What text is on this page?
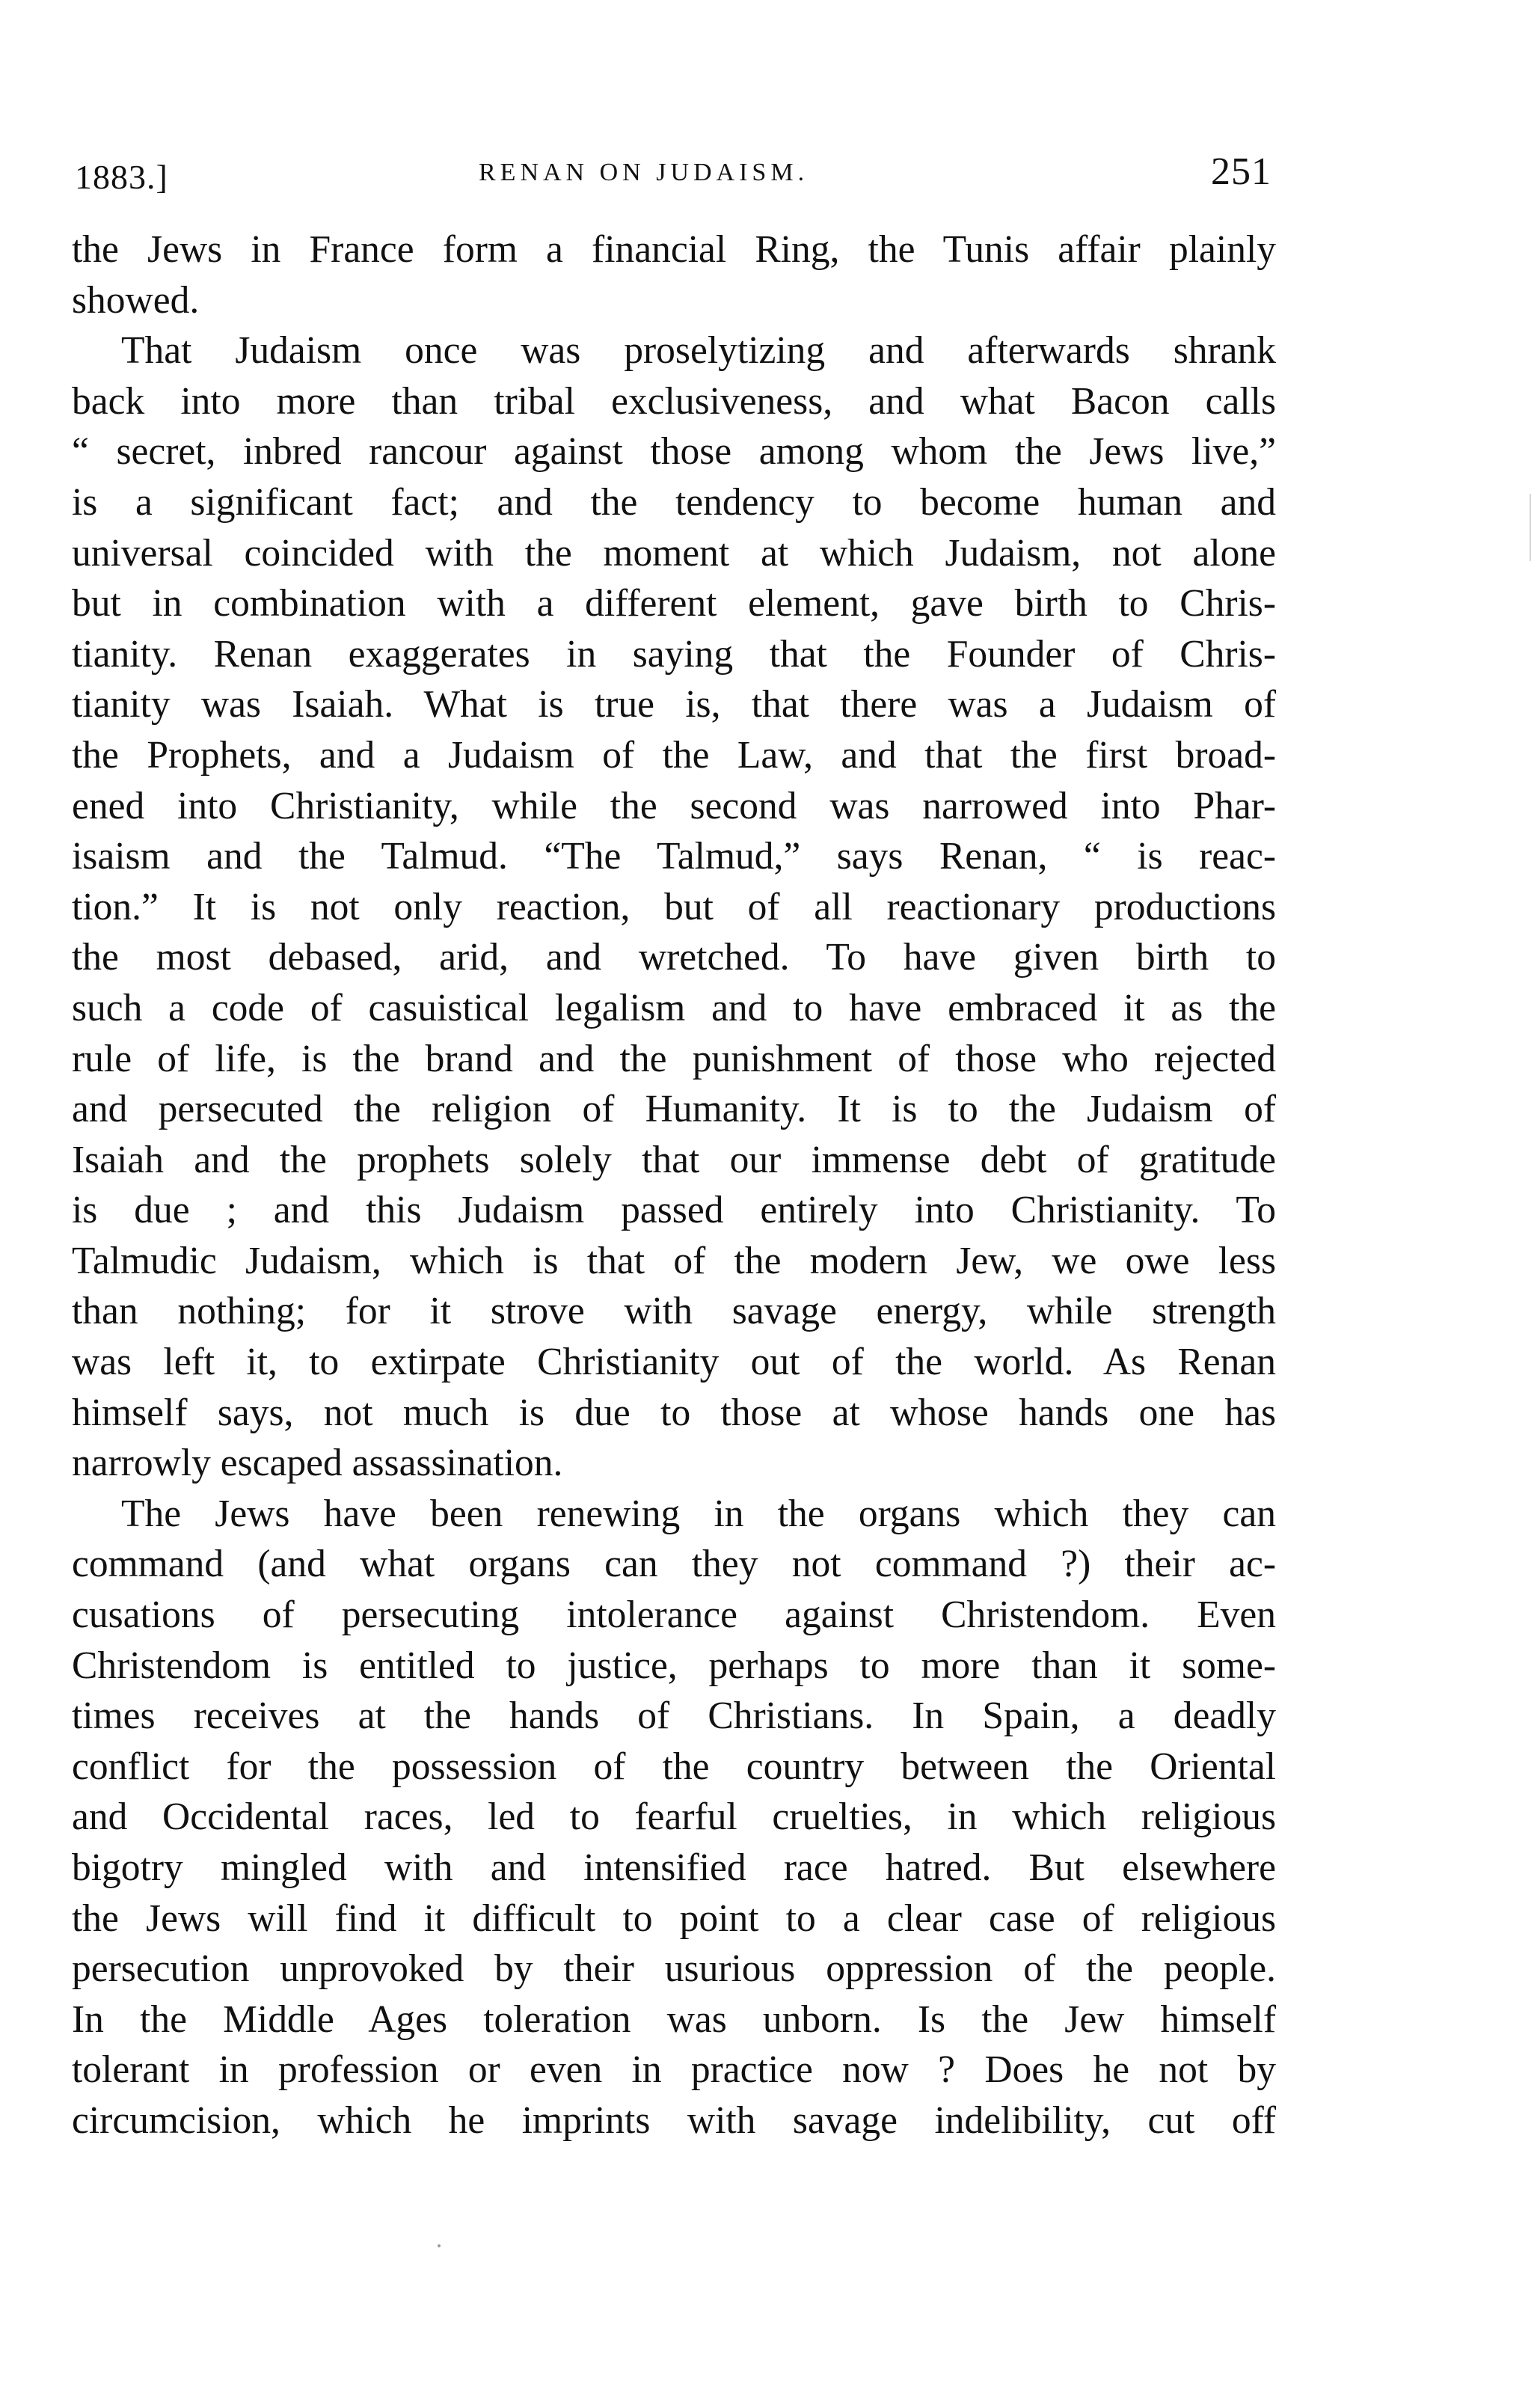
1883.]	RENAN ON JUDAISM.	251
the Jews in France form a financial Ring, the Tunis affair plainly
showed.
That Judaism once was proselytizing and afterwards shrank
back into more than tribal exclusiveness, and what Bacon calls
“ secret, inbred rancour against those among whom the Jews live,”
is a significant fact; and the tendency to become human and
universal coincided with the moment at which Judaism, not alone
but in combination with a different element, gave birth to Chris-
tianity. Renan exaggerates in saying that the Founder of Chris-
tianity was Isaiah. What is true is, that there was a Judaism of
the Prophets, and a Judaism of the Law, and that the first broad-
ened into Christianity, while the second was narrowed into Phar-
isaism and the Talmud. “The Talmud,” says Renan, “ is reac-
tion.” It is not only reaction, but of all reactionary productions
the most debased, arid, and wretched. To have given birth to
such a code of casuistical legalism and to have embraced it as the
rule of life, is the brand and the punishment of those who rejected
and persecuted the religion of Humanity. It is to the Judaism of
Isaiah and the prophets solely that our immense debt of gratitude
is due ; and this Judaism passed entirely into Christianity. To
Talmudic Judaism, which is that of the modern Jew, we owe less
than nothing; for it strove with savage energy, while strength
was left it, to extirpate Christianity out of the world. As Renan
himself says, not much is due to those at whose hands one has
narrowly escaped assassination.
The Jews have been renewing in the organs which they can
command (and what organs can they not command ?) their ac-
cusations of persecuting intolerance against Christendom. Even
Christendom is entitled to justice, perhaps to more than it some-
times receives at the hands of Christians. In Spain, a deadly
conflict for the possession of the country between the Oriental
and Occidental races, led to fearful cruelties, in which religious
bigotry mingled with and intensified race hatred. But elsewhere
the Jews will find it difficult to point to a clear case of religious
persecution unprovoked by their usurious oppression of the people.
In the Middle Ages toleration was unborn. Is the Jew himself
tolerant in profession or even in practice now ? Does he not by
circumcision, which he imprints with savage indelibility, cut off
